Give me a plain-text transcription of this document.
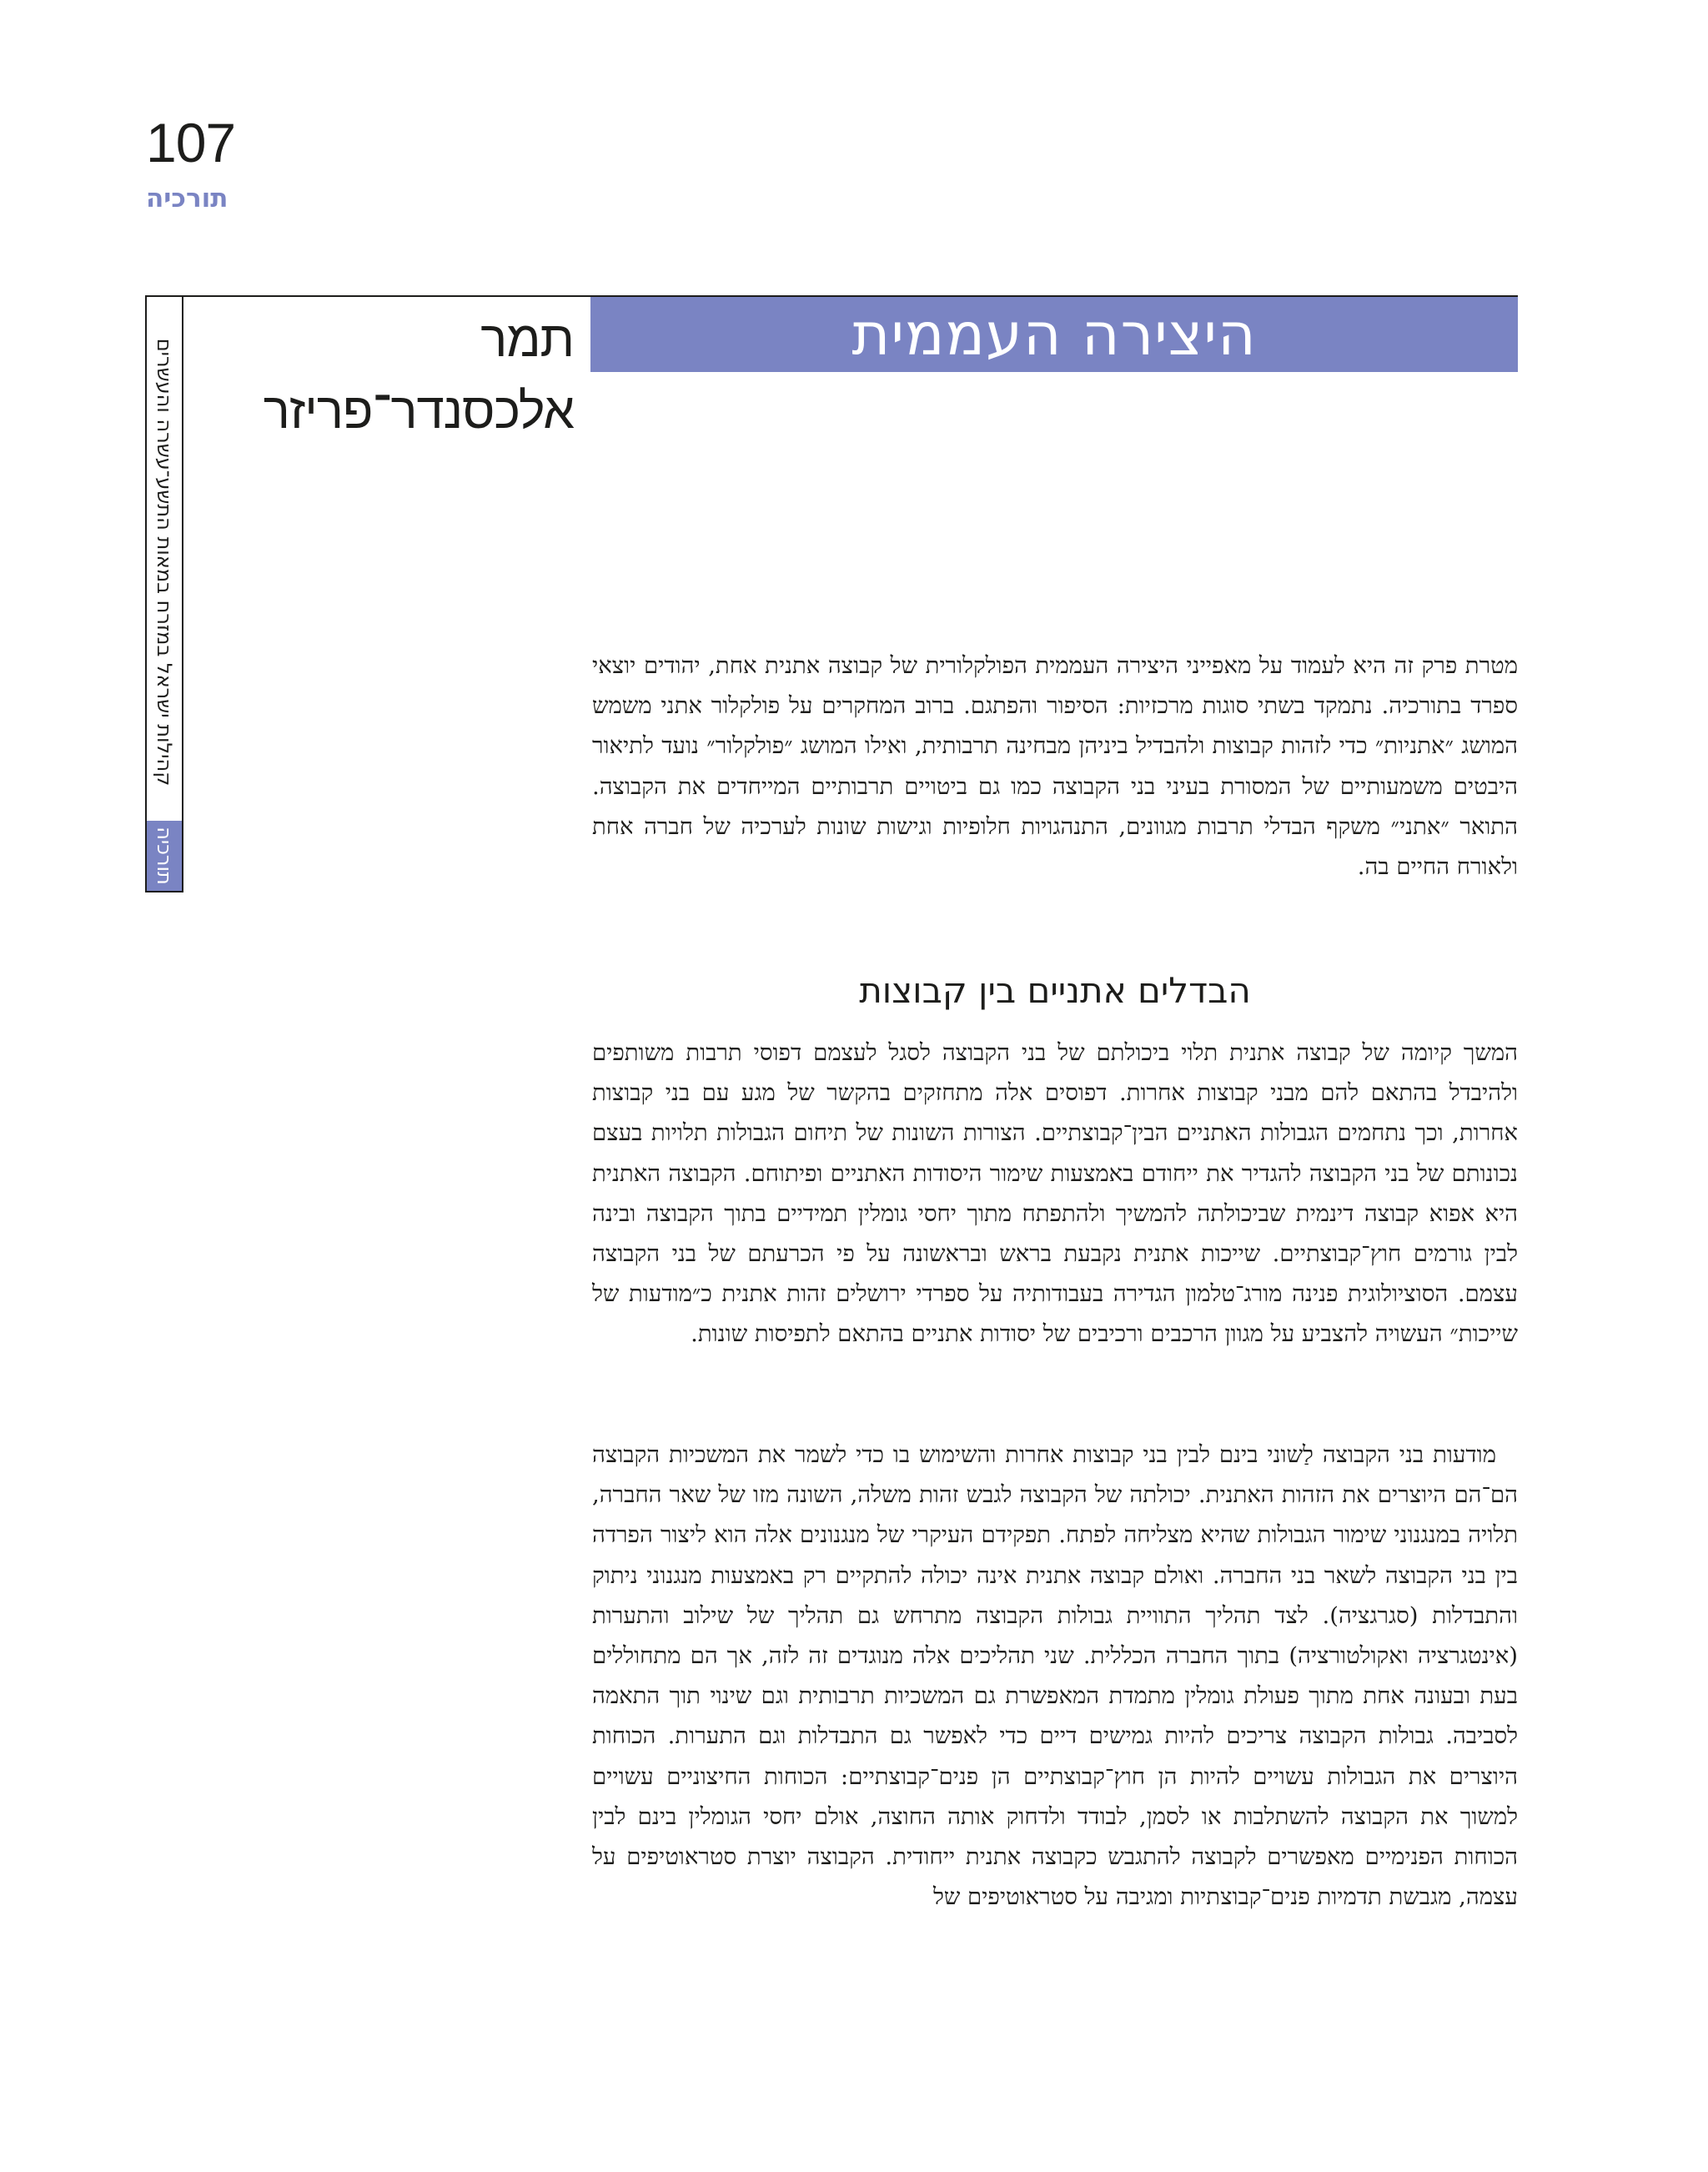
107
תורכיה
קהילות ישראל במזרח במאות התשע־עשרה והעשרים
תורכיה
תמר אלכסנדר־פריזר
היצירה העממית

מטרת פרק זה היא לעמוד על מאפייני היצירה העממית הפולקלורית של קבוצה אתנית אחת, יהודים יוצאי ספרד בתורכיה. נתמקד בשתי סוגות מרכזיות: הסיפור והפתגם. ברוב המחקרים על פולקלור אתני משמש המושג ״אתניות״ כדי לזהות קבוצות ולהבדיל ביניהן מבחינה תרבותית, ואילו המושג ״פולקלור״ נועד לתיאור היבטים משמעותיים של המסורת בעיני בני הקבוצה כמו גם ביטויים תרבותיים המייחדים את הקבוצה. התואר ״אתני״ משקף הבדלי תרבות מגוונים, התנהגויות חלופיות וגישות שונות לערכיה של חברה אחת ולאורח החיים בה.

הבדלים אתניים בין קבוצות

המשך קיומה של קבוצה אתנית תלוי ביכולתם של בני הקבוצה לסגל לעצמם דפוסי תרבות משותפים ולהיבדל בהתאם להם מבני קבוצות אחרות. דפוסים אלה מתחזקים בהקשר של מגע עם בני קבוצות אחרות, וכך נתחמים הגבולות האתניים הבין־קבוצתיים. הצורות השונות של תיחום הגבולות תלויות בעצם נכונותם של בני הקבוצה להגדיר את ייחודם באמצעות שימור היסודות האתניים ופיתוחם. הקבוצה האתנית היא אפוא קבוצה דינמית שביכולתה להמשיך ולהתפתח מתוך יחסי גומלין תמידיים בתוך הקבוצה ובינה לבין גורמים חוץ־קבוצתיים. שייכות אתנית נקבעת בראש ובראשונה על פי הכרעתם של בני הקבוצה עצמם. הסוציולוגית פנינה מורג־טלמון הגדירה בעבודותיה על ספרדי ירושלים זהות אתנית כ״מודעות של שייכות״ העשויה להצביע על מגוון הרכבים ורכיבים של יסודות אתניים בהתאם לתפיסות שונות.

מודעות בני הקבוצה לַשוני בינם לבין בני קבוצות אחרות והשימוש בו כדי לשמר את המשכיות הקבוצה הם־הם היוצרים את הזהות האתנית. יכולתה של הקבוצה לגבש זהות משלה, השונה מזו של שאר החברה, תלויה במנגנוני שימור הגבולות שהיא מצליחה לפתח. תפקידם העיקרי של מנגנונים אלה הוא ליצור הפרדה בין בני הקבוצה לשאר בני החברה. ואולם קבוצה אתנית אינה יכולה להתקיים רק באמצעות מנגנוני ניתוק והתבדלות (סגרגציה). לצד תהליך התוויית גבולות הקבוצה מתרחש גם תהליך של שילוב והתערות (אינטגרציה ואקולטורציה) בתוך החברה הכללית. שני תהליכים אלה מנוגדים זה לזה, אך הם מתחוללים בעת ובעונה אחת מתוך פעולת גומלין מתמדת המאפשרת גם המשכיות תרבותית וגם שינוי תוך התאמה לסביבה. גבולות הקבוצה צריכים להיות גמישים דיים כדי לאפשר גם התבדלות וגם התערות. הכוחות היוצרים את הגבולות עשויים להיות הן חוץ־קבוצתיים הן פנים־קבוצתיים: הכוחות החיצוניים עשויים למשוך את הקבוצה להשתלבות או לסמן, לבודד ולדחוק אותה החוצה, אולם יחסי הגומלין בינם לבין הכוחות הפנימיים מאפשרים לקבוצה להתגבש כקבוצה אתנית ייחודית. הקבוצה יוצרת סטראוטיפים על עצמה, מגבשת תדמיות פנים־קבוצתיות ומגיבה על סטראוטיפים של
